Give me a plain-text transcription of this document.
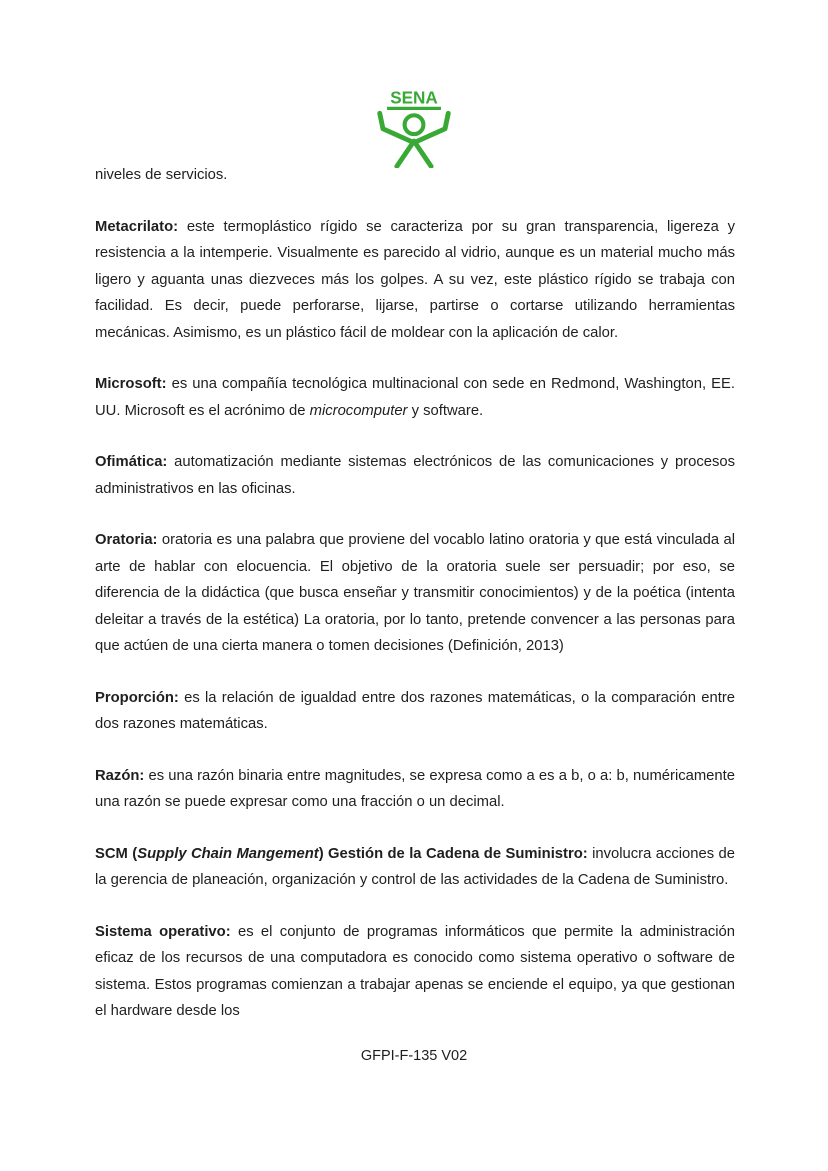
SENA

niveles de servicios.

Metacrilato: este termoplástico rígido se caracteriza por su gran transparencia, ligereza y resistencia a la intemperie. Visualmente es parecido al vidrio, aunque es un material mucho más ligero y aguanta unas diezveces más los golpes. A su vez, este plástico rígido se trabaja con facilidad. Es decir, puede perforarse, lijarse, partirse o cortarse utilizando herramientas mecánicas. Asimismo, es un plástico fácil de moldear con la aplicación de calor.

Microsoft: es una compañía tecnológica multinacional con sede en Redmond, Washington, EE. UU. Microsoft es el acrónimo de microcomputer y software.

Ofimática: automatización mediante sistemas electrónicos de las comunicaciones y procesos administrativos en las oficinas.

Oratoria: oratoria es una palabra que proviene del vocablo latino oratoria y que está vinculada al arte de hablar con elocuencia. El objetivo de la oratoria suele ser persuadir; por eso, se diferencia de la didáctica (que busca enseñar y transmitir conocimientos) y de la poética (intenta deleitar a través de la estética) La oratoria, por lo tanto, pretende convencer a las personas para que actúen de una cierta manera o tomen decisiones (Definición, 2013)

Proporción: es la relación de igualdad entre dos razones matemáticas, o la comparación entre dos razones matemáticas.

Razón: es una razón binaria entre magnitudes, se expresa como a es a b, o a: b, numéricamente una razón se puede expresar como una fracción o un decimal.

SCM (Supply Chain Mangement) Gestión de la Cadena de Suministro: involucra acciones de la gerencia de planeación, organización y control de las actividades de la Cadena de Suministro.

Sistema operativo: es el conjunto de programas informáticos que permite la administración eficaz de los recursos de una computadora es conocido como sistema operativo o software de sistema. Estos programas comienzan a trabajar apenas se enciende el equipo, ya que gestionan el hardware desde los

GFPI-F-135 V02
